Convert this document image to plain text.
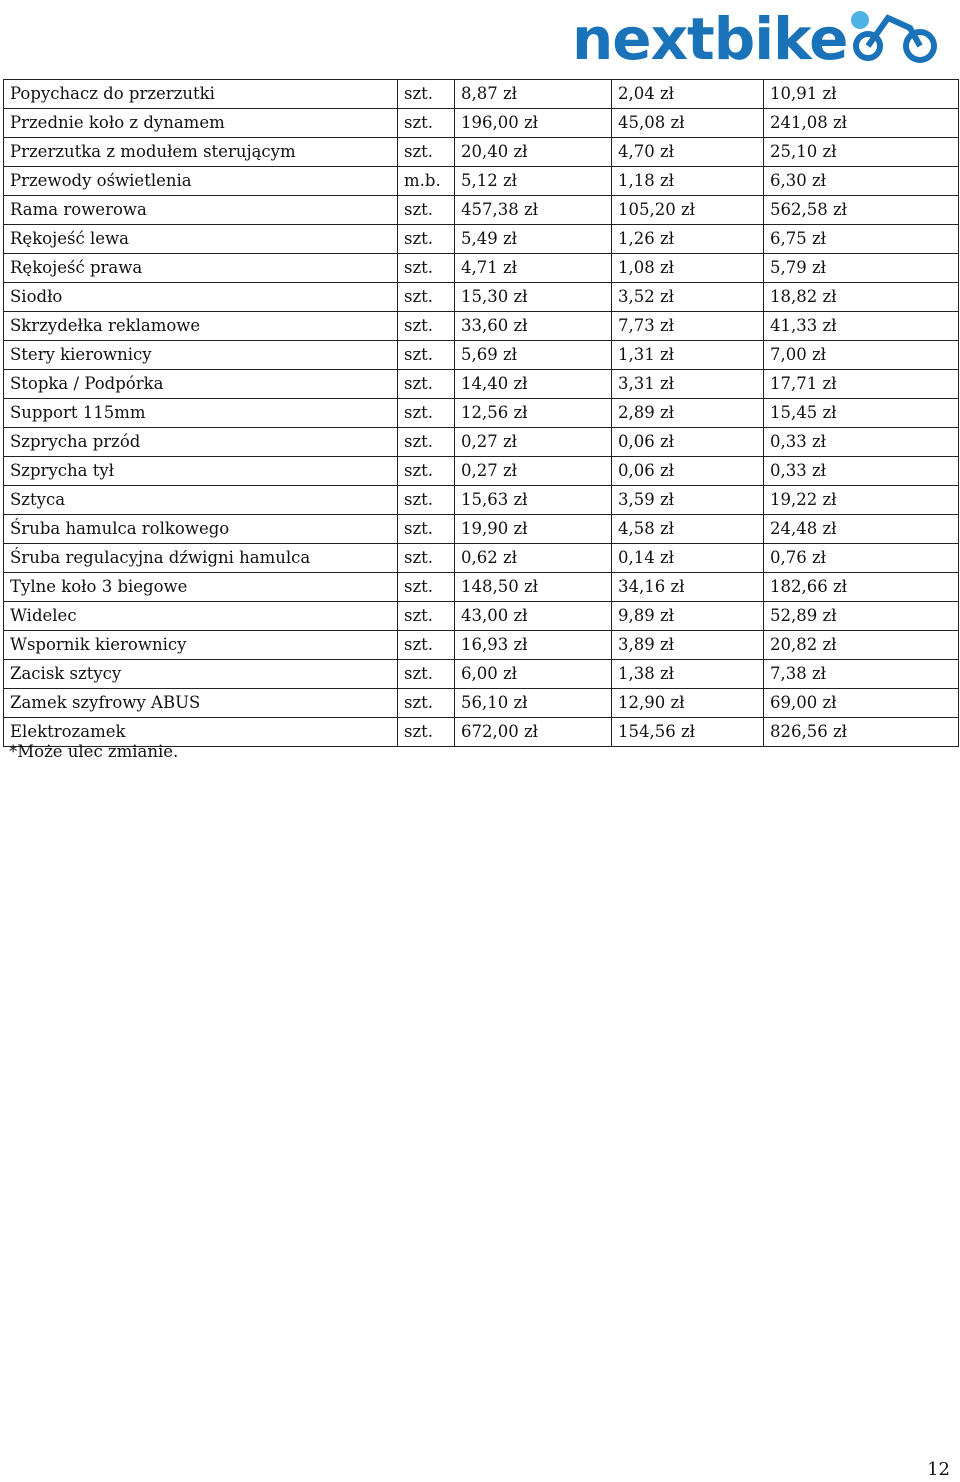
nextbike
Popychacz do przerzutki	szt.	8,87 zł	2,04 zł	10,91 zł
Przednie koło z dynamem	szt.	196,00 zł	45,08 zł	241,08 zł
Przerzutka z modułem sterującym	szt.	20,40 zł	4,70 zł	25,10 zł
Przewody oświetlenia	m.b.	5,12 zł	1,18 zł	6,30 zł
Rama rowerowa	szt.	457,38 zł	105,20 zł	562,58 zł
Rękojeść lewa	szt.	5,49 zł	1,26 zł	6,75 zł
Rękojeść prawa	szt.	4,71 zł	1,08 zł	5,79 zł
Siodło	szt.	15,30 zł	3,52 zł	18,82 zł
Skrzydełka reklamowe	szt.	33,60 zł	7,73 zł	41,33 zł
Stery kierownicy	szt.	5,69 zł	1,31 zł	7,00 zł
Stopka / Podpórka	szt.	14,40 zł	3,31 zł	17,71 zł
Support 115mm	szt.	12,56 zł	2,89 zł	15,45 zł
Szprycha przód	szt.	0,27 zł	0,06 zł	0,33 zł
Szprycha tył	szt.	0,27 zł	0,06 zł	0,33 zł
Sztyca	szt.	15,63 zł	3,59 zł	19,22 zł
Śruba hamulca rolkowego	szt.	19,90 zł	4,58 zł	24,48 zł
Śruba regulacyjna dźwigni hamulca	szt.	0,62 zł	0,14 zł	0,76 zł
Tylne koło 3 biegowe	szt.	148,50 zł	34,16 zł	182,66 zł
Widelec	szt.	43,00 zł	9,89 zł	52,89 zł
Wspornik kierownicy	szt.	16,93 zł	3,89 zł	20,82 zł
Zacisk sztycy	szt.	6,00 zł	1,38 zł	7,38 zł
Zamek szyfrowy ABUS	szt.	56,10 zł	12,90 zł	69,00 zł
Elektrozamek	szt.	672,00 zł	154,56 zł	826,56 zł
*Może ulec zmianie.
12
